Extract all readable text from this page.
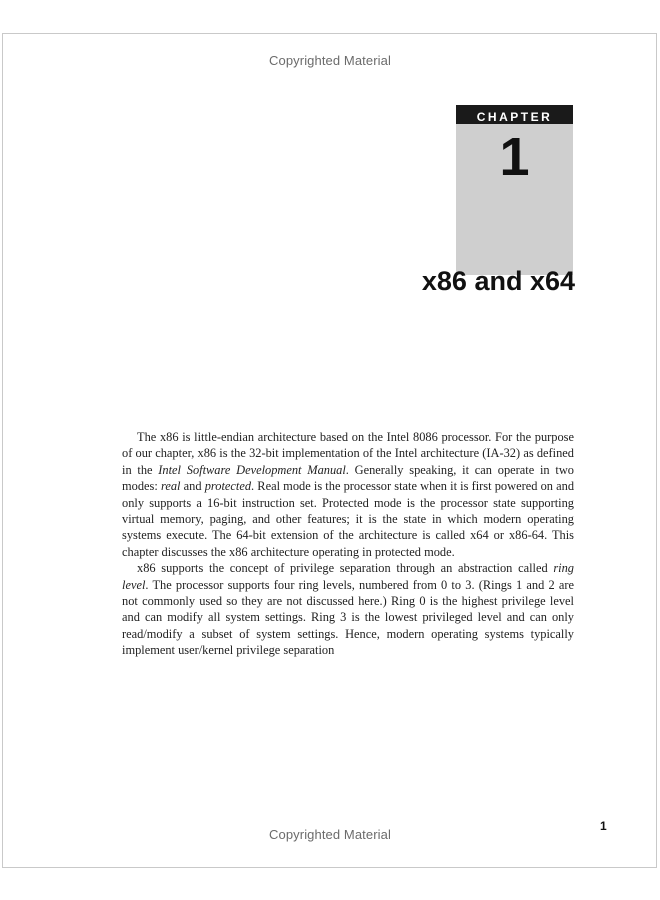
Copyrighted Material
CHAPTER
1
x86 and x64

The x86 is little-endian architecture based on the Intel 8086 processor. For the purpose of our chapter, x86 is the 32-bit implementation of the Intel architecture (IA-32) as defined in the Intel Software Development Manual. Generally speaking, it can operate in two modes: real and protected. Real mode is the processor state when it is first powered on and only supports a 16-bit instruction set. Protected mode is the processor state supporting virtual memory, paging, and other features; it is the state in which modern operating systems execute. The 64-bit extension of the architecture is called x64 or x86-64. This chapter discusses the x86 architecture operating in protected mode.

x86 supports the concept of privilege separation through an abstraction called ring level. The processor supports four ring levels, numbered from 0 to 3. (Rings 1 and 2 are not commonly used so they are not discussed here.) Ring 0 is the highest privilege level and can modify all system settings. Ring 3 is the lowest privileged level and can only read/modify a subset of system settings. Hence, modern operating systems typically implement user/kernel privilege separation

Copyrighted Material
1
